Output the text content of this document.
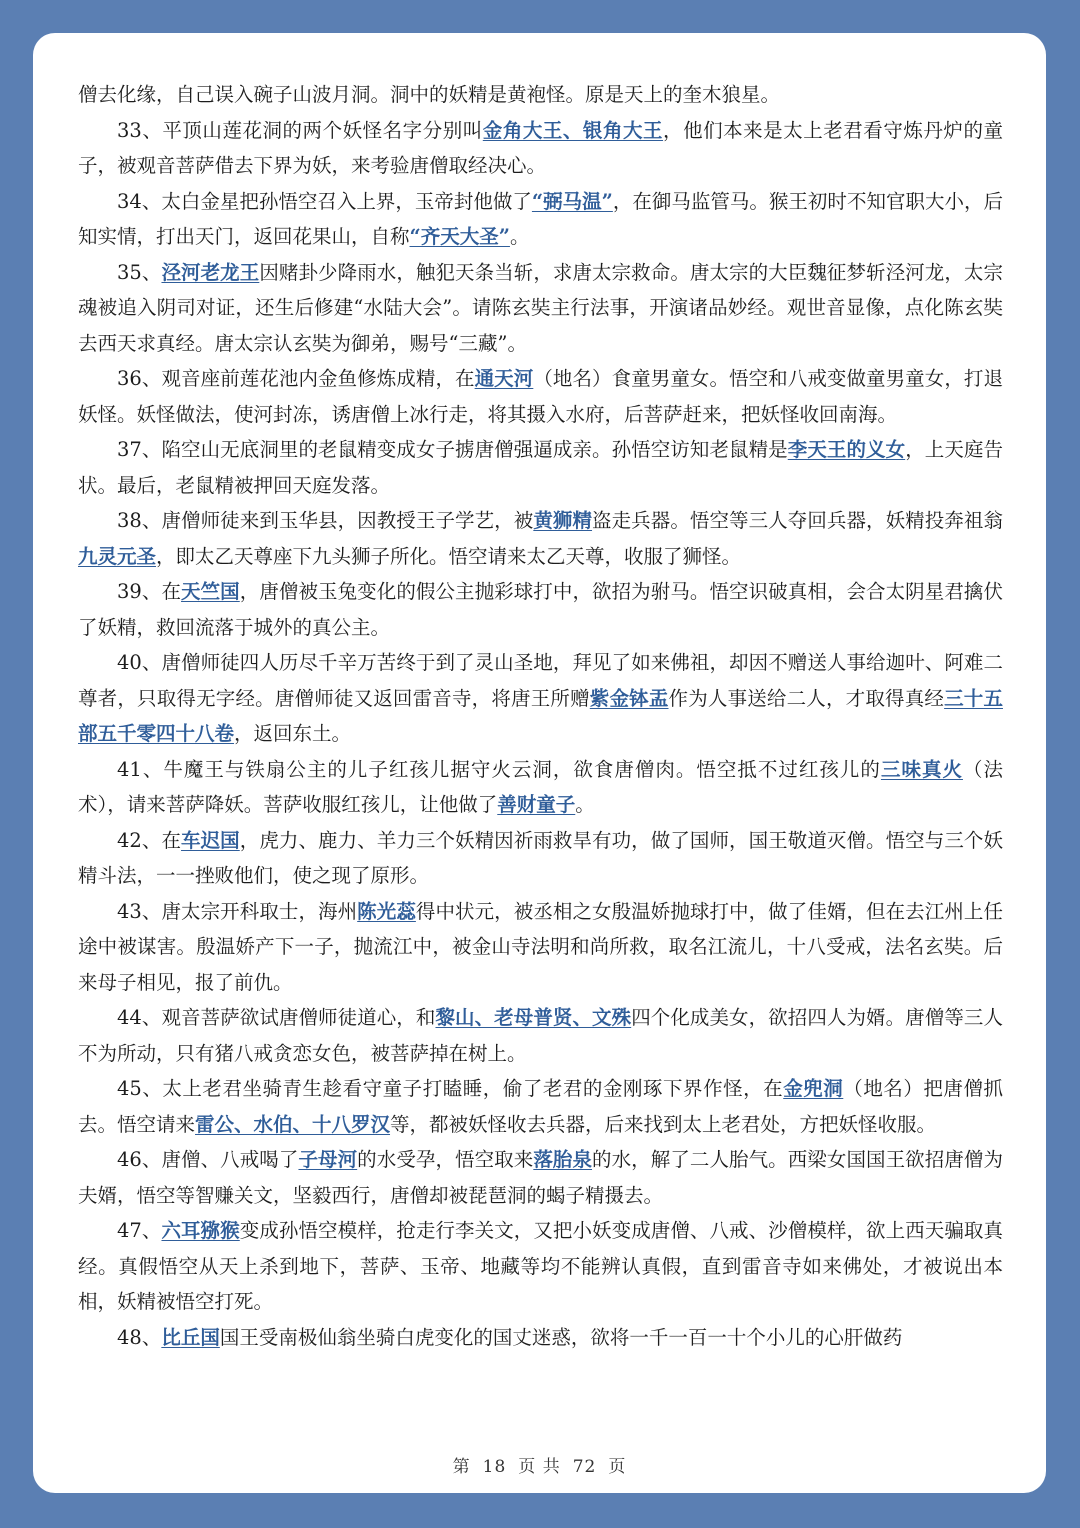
僧去化缘，自己误入碗子山波月洞。洞中的妖精是黄袍怪。原是天上的奎木狼星。

33、平顶山莲花洞的两个妖怪名字分别叫金角大王、银角大王，他们本来是太上老君看守炼丹炉的童子，被观音菩萨借去下界为妖，来考验唐僧取经决心。

34、太白金星把孙悟空召入上界，玉帝封他做了“弼马温”，在御马监管马。猴王初时不知官职大小，后知实情，打出天门，返回花果山，自称“齐天大圣”。

35、泾河老龙王因赌卦少降雨水，触犯天条当斩，求唐太宗救命。唐太宗的大臣魏征梦斩泾河龙，太宗魂被追入阴司对证，还生后修建“水陆大会”。请陈玄奘主行法事，开演诸品妙经。观世音显像，点化陈玄奘去西天求真经。唐太宗认玄奘为御弟，赐号“三藏”。

36、观音座前莲花池内金鱼修炼成精，在通天河（地名）食童男童女。悟空和八戒变做童男童女，打退妖怪。妖怪做法，使河封冻，诱唐僧上冰行走，将其摄入水府，后菩萨赶来，把妖怪收回南海。

37、陷空山无底洞里的老鼠精变成女子掳唐僧强逼成亲。孙悟空访知老鼠精是李天王的义女，上天庭告状。最后，老鼠精被押回天庭发落。

38、唐僧师徒来到玉华县，因教授王子学艺，被黄狮精盗走兵器。悟空等三人夺回兵器，妖精投奔祖翁九灵元圣，即太乙天尊座下九头狮子所化。悟空请来太乙天尊，收服了狮怪。

39、在天竺国，唐僧被玉兔变化的假公主抛彩球打中，欲招为驸马。悟空识破真相，会合太阴星君擒伏了妖精，救回流落于城外的真公主。

40、唐僧师徒四人历尽千辛万苦终于到了灵山圣地，拜见了如来佛祖，却因不赠送人事给迦叶、阿难二尊者，只取得无字经。唐僧师徒又返回雷音寺，将唐王所赠紫金钵盂作为人事送给二人，才取得真经三十五部五千零四十八卷，返回东土。

41、牛魔王与铁扇公主的儿子红孩儿据守火云洞，欲食唐僧肉。悟空抵不过红孩儿的三味真火（法术），请来菩萨降妖。菩萨收服红孩儿，让他做了善财童子。

42、在车迟国，虎力、鹿力、羊力三个妖精因祈雨救旱有功，做了国师，国王敬道灭僧。悟空与三个妖精斗法，一一挫败他们，使之现了原形。

43、唐太宗开科取士，海州陈光蕊得中状元，被丞相之女殷温娇抛球打中，做了佳婿，但在去江州上任途中被谋害。殷温娇产下一子，抛流江中，被金山寺法明和尚所救，取名江流儿，十八受戒，法名玄奘。后来母子相见，报了前仇。

44、观音菩萨欲试唐僧师徒道心，和黎山、老母普贤、文殊四个化成美女，欲招四人为婿。唐僧等三人不为所动，只有猪八戒贪恋女色，被菩萨掉在树上。

45、太上老君坐骑青生趁看守童子打瞌睡，偷了老君的金刚琢下界作怪，在金兜洞（地名）把唐僧抓去。悟空请来雷公、水伯、十八罗汉等，都被妖怪收去兵器，后来找到太上老君处，方把妖怪收服。

46、唐僧、八戒喝了子母河的水受孕，悟空取来落胎泉的水，解了二人胎气。西梁女国国王欲招唐僧为夫婿，悟空等智赚关文，坚毅西行，唐僧却被琵琶洞的蝎子精摄去。

47、六耳猕猴变成孙悟空模样，抢走行李关文，又把小妖变成唐僧、八戒、沙僧模样，欲上西天骗取真经。真假悟空从天上杀到地下，菩萨、玉帝、地藏等均不能辨认真假，直到雷音寺如来佛处，才被说出本相，妖精被悟空打死。

48、比丘国国王受南极仙翁坐骑白虎变化的国丈迷惑，欲将一千一百一十个小儿的心肝做药

第 18 页 共 72 页
